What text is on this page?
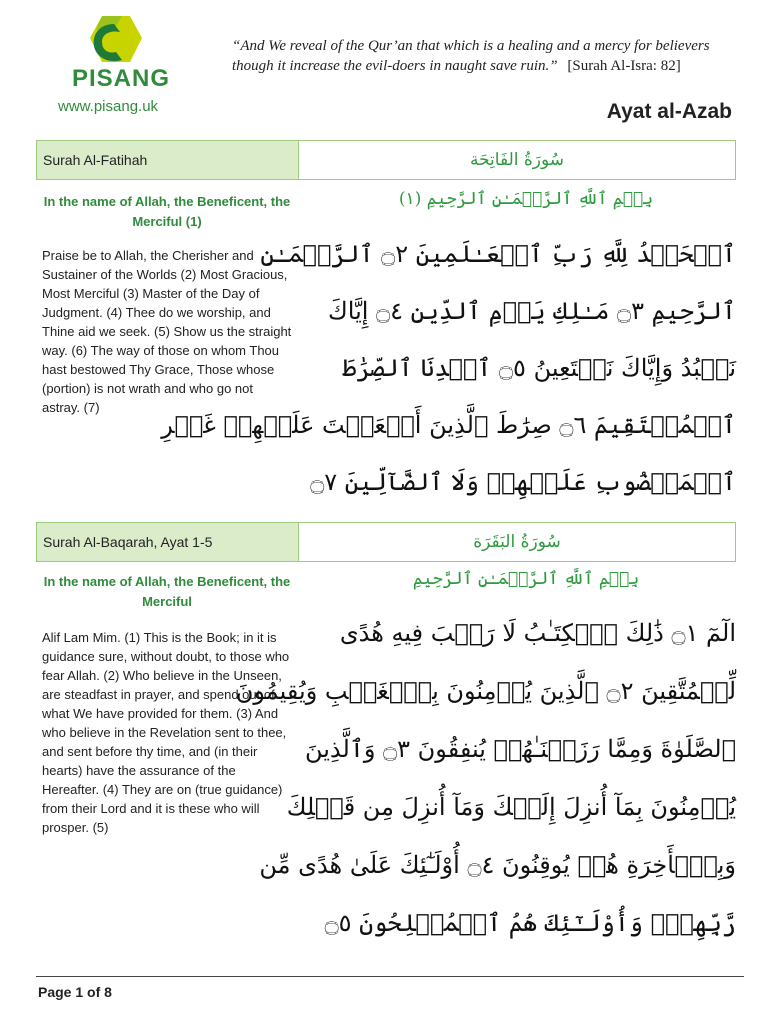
PISANG
www.pisang.uk
“And We reveal of the Qur’an that which is a healing and a mercy for believers
though it increase the evil-doers in naught save ruin.” [Surah Al-Isra: 82]
Ayat al-Azab
Surah Al-Fatihah	سُورَةُ الفَاتِحَة
In the name of Allah, the Beneficent, the Merciful (1)
بِسۡمِ ٱللَّهِ ٱلرَّحۡمَـٰنِ ٱلرَّحِيمِ (١)
Praise be to Allah, the Cherisher and Sustainer of the Worlds (2) Most Gracious, Most Merciful (3) Master of the Day of Judgment. (4) Thee do we worship, and Thine aid we seek. (5) Show us the straight way. (6) The way of those on whom Thou hast bestowed Thy Grace, Those whose (portion) is not wrath and who go not astray. (7)

ٱلۡحَمۡدُ لِلَّهِ رَبِّ ٱلۡعَـٰلَمِينَ ۝٢ ٱلرَّحۡمَـٰنِ

ٱلرَّحِيمِ ۝٣ مَـٰلِكِ يَوۡمِ ٱلدِّينِ ۝٤ إِيَّاكَ

نَعۡبُدُ وَإِيَّاكَ نَسۡتَعِينُ ۝٥ ٱهۡدِنَا ٱلصِّرَٰطَ

ٱلۡمُسۡتَقِيمَ ۝٦ صِرَٰطَ ٱلَّذِينَ أَنۡعَمۡتَ عَلَيۡهِمۡ غَيۡرِ

ٱلۡمَغۡضُوبِ عَلَيۡهِمۡ وَلَا ٱلضَّآلِّينَ ۝٧

Surah Al-Baqarah, Ayat 1-5	سُورَةُ البَقَرَة
In the name of Allah, the Beneficent, the Merciful
بِسۡمِ ٱللَّهِ ٱلرَّحۡمَـٰنِ ٱلرَّحِيمِ
Alif Lam Mim. (1) This is the Book; in it is guidance sure, without doubt, to those who fear Allah. (2) Who believe in the Unseen, are steadfast in prayer, and spend out of what We have provided for them. (3) And who believe in the Revelation sent to thee, and sent before thy time, and (in their hearts) have the assurance of the Hereafter. (4) They are on (true guidance) from their Lord and it is these who will prosper. (5)

الٓمٓ ۝١ ذَٰلِكَ ٱلۡكِتَـٰبُ لَا رَيۡبَ فِيهِ هُدًى

لِّلۡمُتَّقِينَ ۝٢ ٱلَّذِينَ يُؤۡمِنُونَ بِٱلۡغَيۡبِ وَيُقِيمُونَ

ٱلصَّلَوٰةَ وَمِمَّا رَزَقۡنَـٰهُمۡ يُنفِقُونَ ۝٣ وَٱلَّذِينَ

يُؤۡمِنُونَ بِمَآ أُنزِلَ إِلَيۡكَ وَمَآ أُنزِلَ مِن قَبۡلِكَ

وَبِٱلۡأَخِرَةِ هُمۡ يُوقِنُونَ ۝٤ أُوْلَـٰٓئِكَ عَلَىٰ هُدًى مِّن

رَّبِّهِمۡۖ وَأُوْلَـٰٓئِكَ هُمُ ٱلۡمُفۡلِحُونَ ۝٥

Page 1 of 8
